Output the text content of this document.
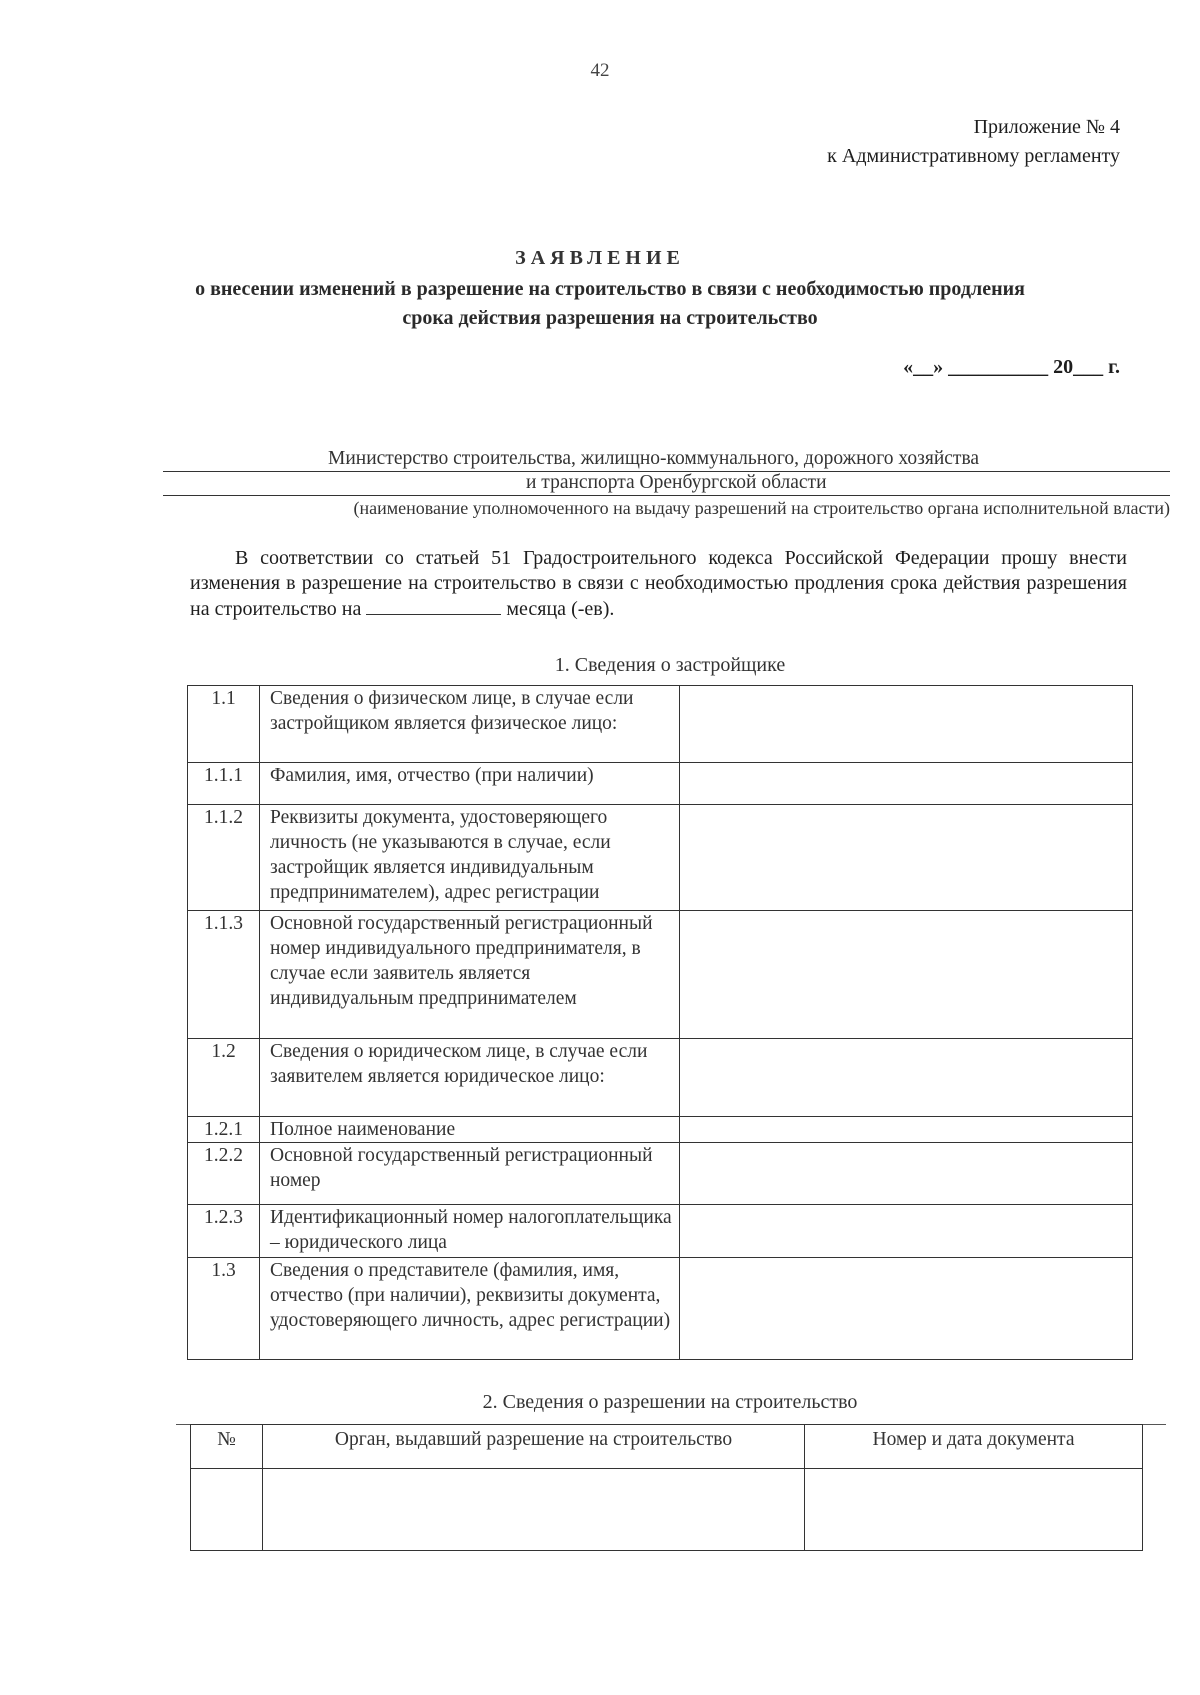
42
Приложение № 4
к Административному регламенту
ЗАЯВЛЕНИЕ
о внесении изменений в разрешение на строительство в связи с необходимостью продления
срока действия разрешения на строительство
«__» __________ 20___ г.
Министерство строительства, жилищно-коммунального, дорожного хозяйства
и транспорта Оренбургской области
(наименование уполномоченного на выдачу разрешений на строительство органа исполнительной власти)
В соответствии со статьей 51 Градостроительного кодекса Российской Федерации прошу внести изменения в разрешение на строительство в связи с необходимостью продления срока действия разрешения на строительство на	месяца (-ев).
1. Сведения о застройщике
1.1	Сведения о физическом лице, в случае если застройщиком является физическое лицо:	
1.1.1	Фамилия, имя, отчество (при наличии)	
1.1.2	Реквизиты документа, удостоверяющего личность (не указываются в случае, если застройщик является индивидуальным предпринимателем), адрес регистрации	
1.1.3	Основной государственный регистрационный номер индивидуального предпринимателя, в случае если заявитель является индивидуальным предпринимателем	
1.2	Сведения о юридическом лице, в случае если заявителем является юридическое лицо:	
1.2.1	Полное наименование	
1.2.2	Основной государственный регистрационный номер	
1.2.3	Идентификационный номер налогоплательщика – юридического лица	
1.3	Сведения о представителе (фамилия, имя, отчество (при наличии), реквизиты документа, удостоверяющего личность, адрес регистрации)	
2. Сведения о разрешении на строительство
№	Орган, выдавший разрешение на строительство	Номер и дата документа
